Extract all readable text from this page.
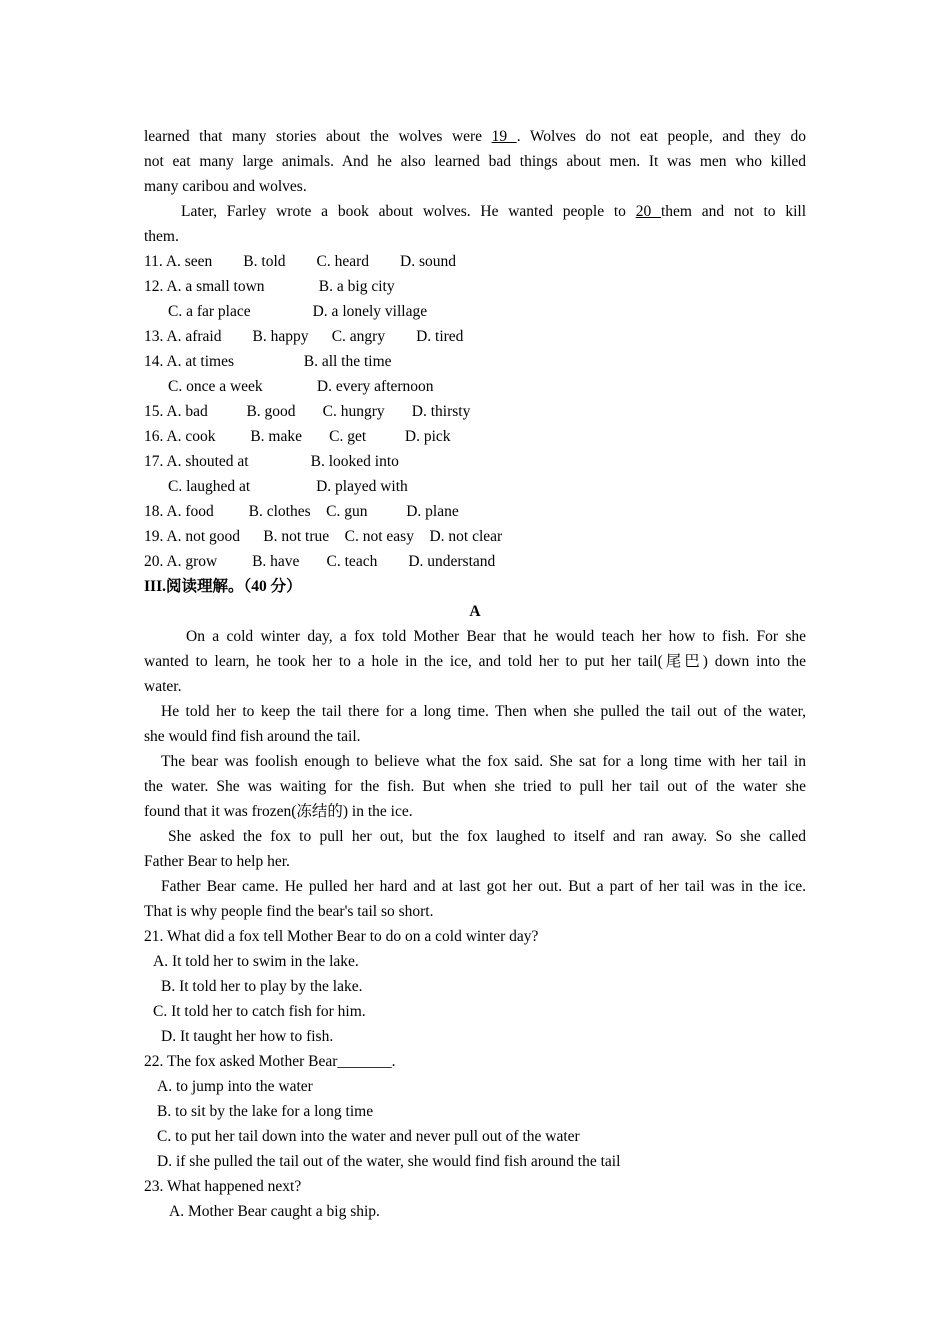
learned that many stories about the wolves were 19 . Wolves do not eat people, and they do
not eat many large animals. And he also learned bad things about men. It was men who killed
many caribou and wolves.
Later, Farley wrote a book about wolves. He wanted people to 20 them and not to kill
them.
11. A. seen        B. told        C. heard        D. sound
12. A. a small town              B. a big city
C. a far place                D. a lonely village
13. A. afraid        B. happy      C. angry        D. tired
14. A. at times                  B. all the time
C. once a week              D. every afternoon
15. A. bad          B. good       C. hungry       D. thirsty
16. A. cook         B. make       C. get          D. pick
17. A. shouted at                B. looked into
C. laughed at                 D. played with
18. A. food         B. clothes    C. gun          D. plane
19. A. not good      B. not true    C. not easy    D. not clear
20. A. grow         B. have       C. teach        D. understand
III.阅读理解。（40 分）
A
On a cold winter day, a fox told Mother Bear that he would teach her how to fish. For she
wanted to learn, he took her to a hole in the ice, and told her to put her tail(尾巴) down into the
water.
He told her to keep the tail there for a long time. Then when she pulled the tail out of the water,
she would find fish around the tail.
The bear was foolish enough to believe what the fox said. She sat for a long time with her tail in
the water. She was waiting for the fish. But when she tried to pull her tail out of the water she
found that it was frozen(冻结的) in the ice.
She asked the fox to pull her out, but the fox laughed to itself and ran away. So she called
Father Bear to help her.
Father Bear came. He pulled her hard and at last got her out. But a part of her tail was in the ice.
That is why people find the bear's tail so short.
21. What did a fox tell Mother Bear to do on a cold winter day?
A. It told her to swim in the lake.
B. It told her to play by the lake.
C. It told her to catch fish for him.
D. It taught her how to fish.
22. The fox asked Mother Bear_______.
A. to jump into the water
B. to sit by the lake for a long time
C. to put her tail down into the water and never pull out of the water
D. if she pulled the tail out of the water, she would find fish around the tail
23. What happened next?
A. Mother Bear caught a big ship.
